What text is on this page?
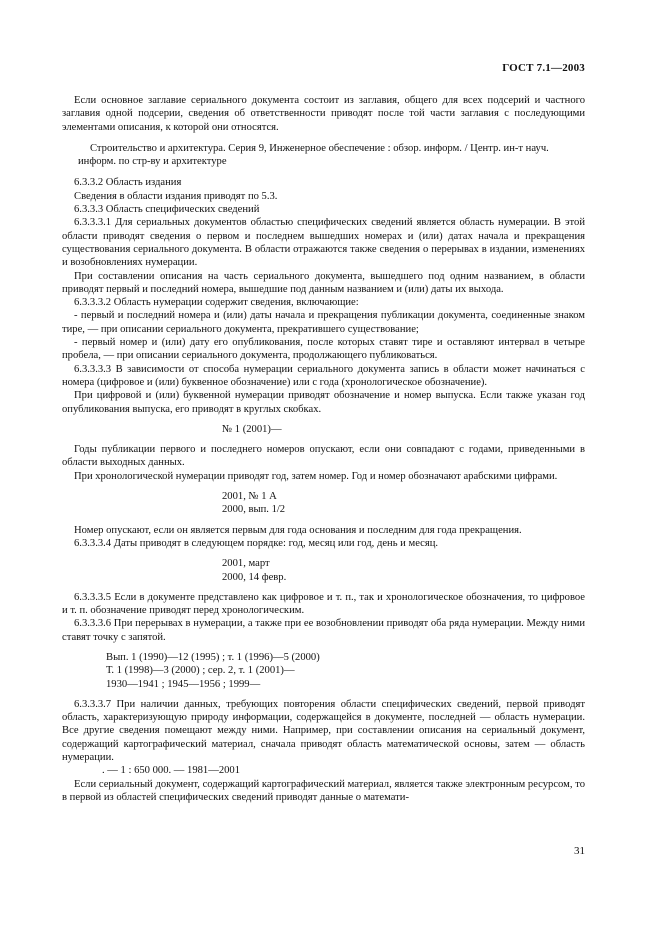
ГОСТ 7.1—2003

Если основное заглавие сериального документа состоит из заглавия, общего для всех подсерий и частного заглавия одной подсерии, сведения об ответственности приводят после той части заглавия с последующими элементами описания, к которой они относятся.

Строительство и архитектура. Серия 9, Инженерное обеспечение : обзор. информ. / Центр. ин-т науч. информ. по стр-ву и архитектуре

6.3.3.2 Область издания

Сведения в области издания приводят по 5.3.

6.3.3.3 Область специфических сведений

6.3.3.3.1 Для сериальных документов областью специфических сведений является область нумерации. В этой области приводят сведения о первом и последнем вышедших номерах и (или) датах начала и прекращения существования сериального документа. В области отражаются также сведения о перерывах в издании, изменениях и возобновлениях нумерации.

При составлении описания на часть сериального документа, вышедшего под одним названием, в области приводят первый и последний номера, вышедшие под данным названием и (или) даты их выхода.

6.3.3.3.2 Область нумерации содержит сведения, включающие:

- первый и последний номера и (или) даты начала и прекращения публикации документа, соединенные знаком тире, — при описании сериального документа, прекратившего существование;

- первый номер и (или) дату его опубликования, после которых ставят тире и оставляют интервал в четыре пробела, — при описании сериального документа, продолжающего публиковаться.

6.3.3.3.3 В зависимости от способа нумерации сериального документа запись в области может начинаться с номера (цифровое и (или) буквенное обозначение) или с года (хронологическое обозначение).

При цифровой и (или) буквенной нумерации приводят обозначение и номер выпуска. Если также указан год опубликования выпуска, его приводят в круглых скобках.

№ 1 (2001)—

Годы публикации первого и последнего номеров опускают, если они совпадают с годами, приведенными в области выходных данных.

При хронологической нумерации приводят год, затем номер. Год и номер обозначают арабскими цифрами.

2001, № 1 А

2000, вып. 1/2

Номер опускают, если он является первым для года основания и последним для года прекращения.

6.3.3.3.4 Даты приводят в следующем порядке: год, месяц или год, день и месяц.

2001, март

2000, 14 февр.

6.3.3.3.5 Если в документе представлено как цифровое и т. п., так и хронологическое обозначения, то цифровое и т. п. обозначение приводят перед хронологическим.

6.3.3.3.6 При перерывах в нумерации, а также при ее возобновлении приводят оба ряда нумерации. Между ними ставят точку с запятой.

Вып. 1 (1990)—12 (1995) ; т. 1 (1996)—5 (2000)

Т. 1 (1998)—3 (2000) ; сер. 2, т. 1 (2001)—

1930—1941 ; 1945—1956 ; 1999—

6.3.3.3.7 При наличии данных, требующих повторения области специфических сведений, первой приводят область, характеризующую природу информации, содержащейся в документе, последней — область нумерации. Все другие сведения помещают между ними. Например, при составлении описания на сериальный документ, содержащий картографический материал, сначала приводят область математической основы, затем — область нумерации.

. — 1 : 650 000. — 1981—2001

Если сериальный документ, содержащий картографический материал, является также электронным ресурсом, то в первой из областей специфических сведений приводят данные о математи-

31
